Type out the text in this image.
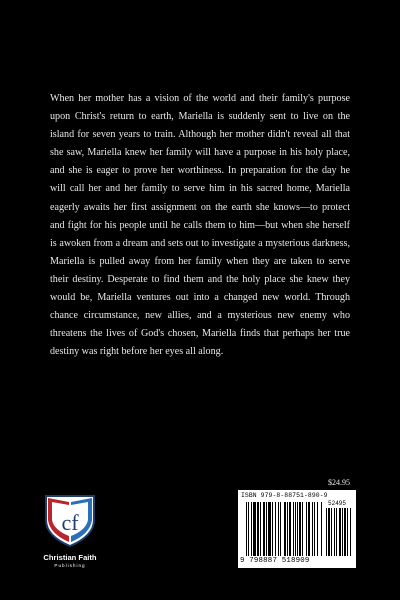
When her mother has a vision of the world and their family's purpose upon Christ's return to earth, Mariella is suddenly sent to live on the island for seven years to train. Although her mother didn't reveal all that she saw, Mariella knew her family will have a purpose in his holy place, and she is eager to prove her worthiness. In preparation for the day he will call her and her family to serve him in his sacred home, Mariella eagerly awaits her first assignment on the earth she knows—to protect and fight for his people until he calls them to him—but when she herself is awoken from a dream and sets out to investigate a mysterious darkness, Mariella is pulled away from her family when they are taken to serve their destiny. Desperate to find them and the holy place she knew they would be, Mariella ventures out into a changed new world. Through chance circumstance, new allies, and a mysterious new enemy who threatens the lives of God's chosen, Mariella finds that perhaps her true destiny was right before her eyes all along.

$24.95
ISBN 979-8-88751-890-9
52495
9 798887 518909
cf
Christian Faith
Publishing
